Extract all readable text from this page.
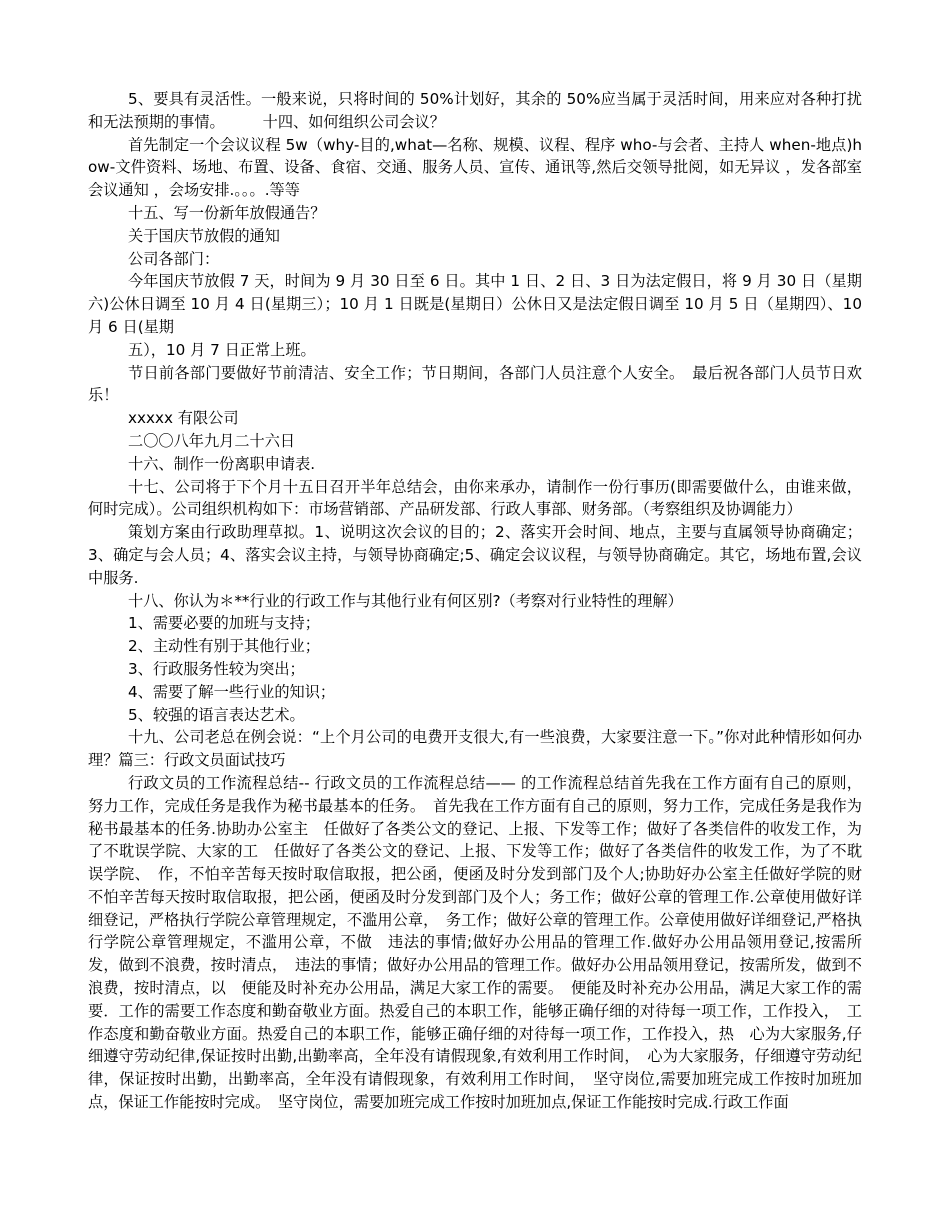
5、要具有灵活性。一般来说，只将时间的 50%计划好，其余的 50%应当属于灵活时间，用来应对各种打扰和无法预期的事情。　　　十四、如何组织公司会议？

首先制定一个会议议程 5w（why-目的,what—名称、规模、议程、程序 who-与会者、主持人 when-地点)how-文件资料、场地、布置、设备、食宿、交通、服务人员、宣传、通讯等,然后交领导批阅，如无异议 ，发各部室会议通知 ，会场安排.。。。.等等

十五、写一份新年放假通告？

关于国庆节放假的通知

公司各部门：

今年国庆节放假 7 天，时间为 9 月 30 日至 6 日。其中 1 日、2 日、3 日为法定假日，将 9 月 30 日（星期六)公休日调至 10 月 4 日(星期三）；10 月 1 日既是(星期日）公休日又是法定假日调至 10 月 5 日（星期四）、10 月 6 日(星期

五），10 月 7 日正常上班。

节日前各部门要做好节前清洁、安全工作；节日期间，各部门人员注意个人安全。　最后祝各部门人员节日欢乐！

xxxxx 有限公司

二〇〇八年九月二十六日

十六、制作一份离职申请表.

十七、公司将于下个月十五日召开半年总结会，由你来承办，请制作一份行事历(即需要做什么，由谁来做，何时完成）。公司组织机构如下：市场营销部、产品研发部、行政人事部、财务部。（考察组织及协调能力）

策划方案由行政助理草拟。1、说明这次会议的目的；2、落实开会时间、地点，主要与直属领导协商确定；3、确定与会人员；4、落实会议主持，与领导协商确定;5、确定会议议程，与领导协商确定。其它，场地布置,会议中服务.

十八、你认为＊**行业的行政工作与其他行业有何区别?（考察对行业特性的理解）

1、需要必要的加班与支持；

2、主动性有别于其他行业；

3、行政服务性较为突出；

4、需要了解一些行业的知识；

5、较强的语言表达艺术。

十九、公司老总在例会说：“上个月公司的电费开支很大,有一些浪费，大家要注意一下。”你对此种情形如何办理？篇三：行政文员面试技巧

行政文员的工作流程总结-- 行政文员的工作流程总结—— 的工作流程总结首先我在工作方面有自己的原则，努力工作，完成任务是我作为秘书最基本的任务。　首先我在工作方面有自己的原则，努力工作，完成任务是我作为秘书最基本的任务.协助办公室主　任做好了各类公文的登记、上报、下发等工作；做好了各类信件的收发工作，为了不耽误学院、大家的工　任做好了各类公文的登记、上报、下发等工作；做好了各类信件的收发工作，为了不耽误学院、　作，不怕辛苦每天按时取信取报，把公函，便函及时分发到部门及个人;协助好办公室主任做好学院的财　不怕辛苦每天按时取信取报，把公函，便函及时分发到部门及个人；务工作；做好公章的管理工作.公章使用做好详细登记，严格执行学院公章管理规定，不滥用公章，　务工作；做好公章的管理工作。公章使用做好详细登记,严格执行学院公章管理规定，不滥用公章，不做　违法的事情;做好办公用品的管理工作.做好办公用品领用登记,按需所发，做到不浪费，按时清点，　违法的事情；做好办公用品的管理工作。做好办公用品领用登记，按需所发，做到不浪费，按时清点，以　便能及时补充办公用品，满足大家工作的需要。　便能及时补充办公用品，满足大家工作的需要．工作的需要工作态度和勤奋敬业方面。热爱自己的本职工作，能够正确仔细的对待每一项工作，工作投入，　工作态度和勤奋敬业方面。热爱自己的本职工作，能够正确仔细的对待每一项工作，工作投入，热　心为大家服务,仔细遵守劳动纪律,保证按时出勤,出勤率高，全年没有请假现象,有效利用工作时间，　心为大家服务，仔细遵守劳动纪律，保证按时出勤，出勤率高，全年没有请假现象，有效利用工作时间，　坚守岗位,需要加班完成工作按时加班加点，保证工作能按时完成。　坚守岗位，需要加班完成工作按时加班加点,保证工作能按时完成.行政工作面
